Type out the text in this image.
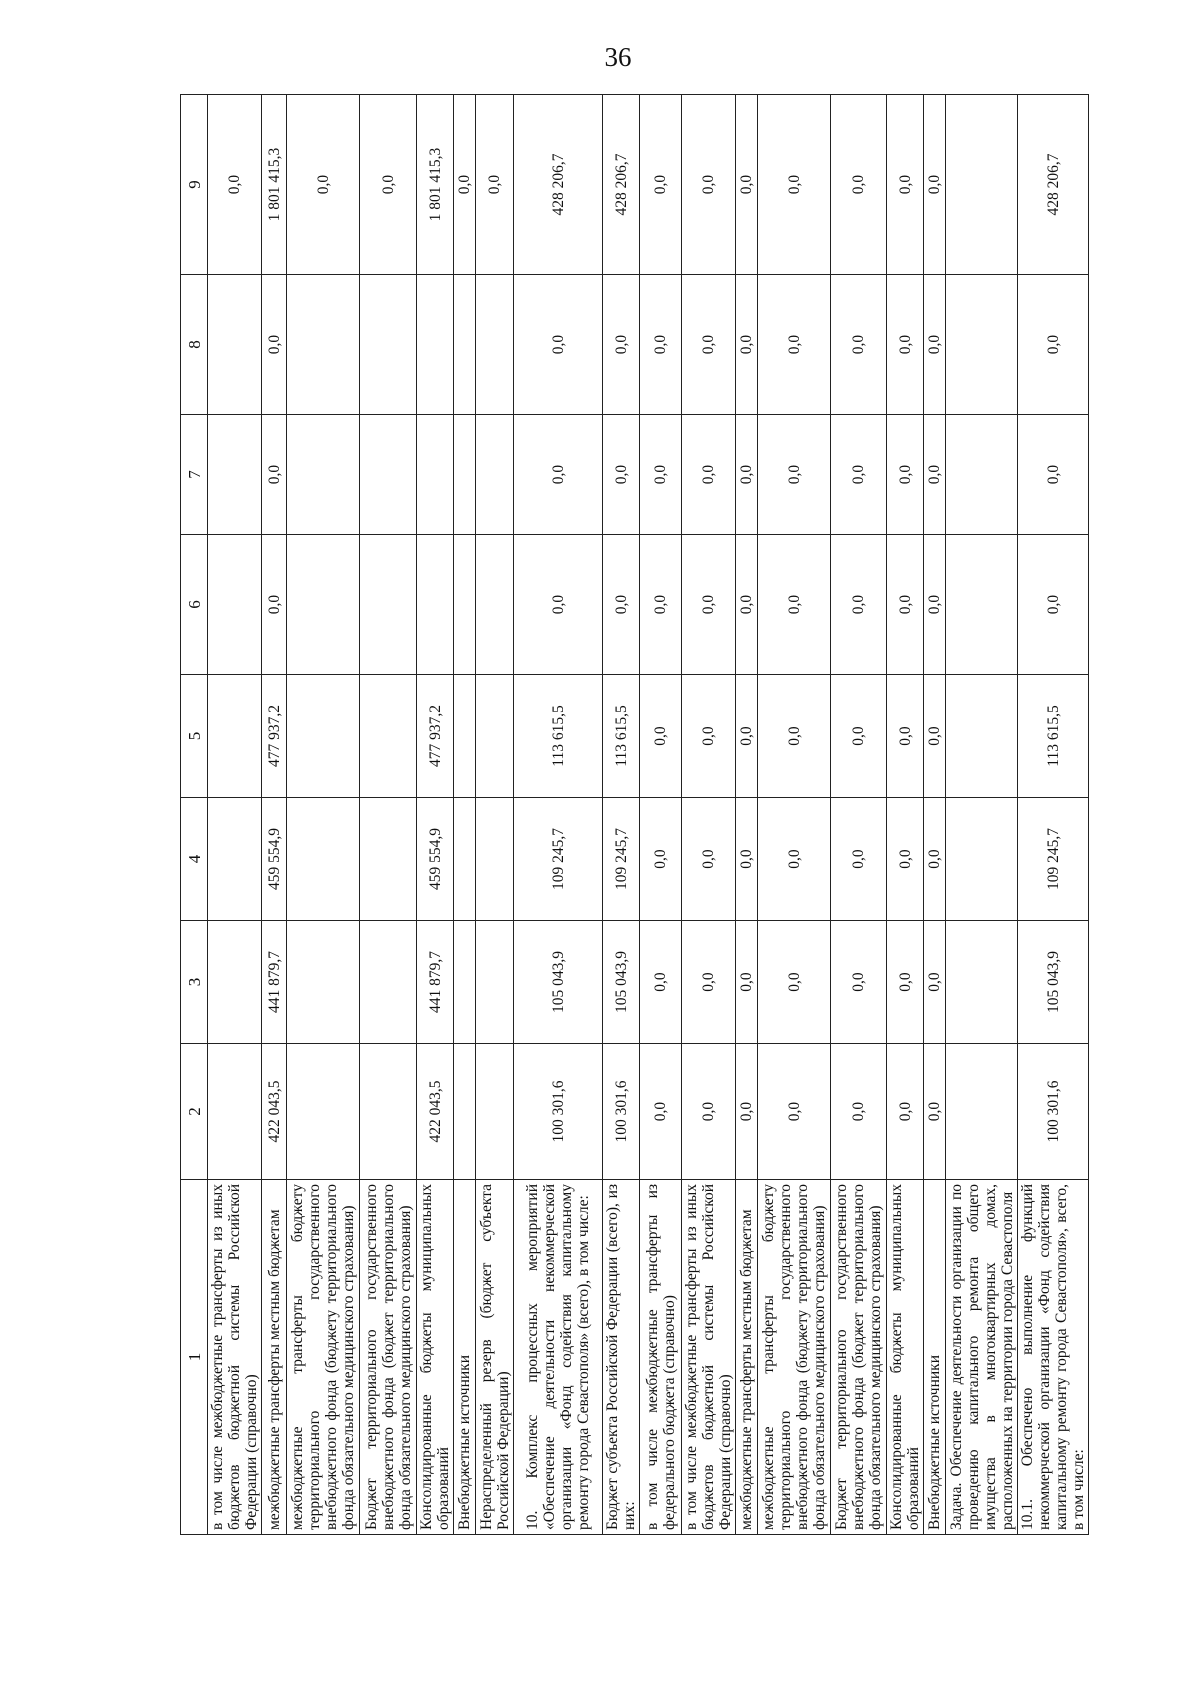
36
1	2	3	4	5	6	7	8	9
в том числе межбюджетные трансферты из иных бюджетов бюджетной системы Российской Федерации (справочно)								0,0
межбюджетные трансферты местным бюджетам	422 043,5	441 879,7	459 554,9	477 937,2	0,0	0,0	0,0	1 801 415,3
межбюджетные трансферты бюджету территориального государственного внебюджетного фонда (бюджету территориального фонда обязательного медицинского страхования)								0,0
Бюджет территориального государственного внебюджетного фонда (бюджет территориального фонда обязательного медицинского страхования)								0,0
Консолидированные бюджеты муниципальных образований	422 043,5	441 879,7	459 554,9	477 937,2				1 801 415,3
Внебюджетные источники								0,0
Нераспределенный резерв (бюджет субъекта Российской Федерации)								0,0
10. Комплекс процессных мероприятий «Обеспечение деятельности некоммерческой организации «Фонд содействия капитальному ремонту города Севастополя» (всего), в том числе:	100 301,6	105 043,9	109 245,7	113 615,5	0,0	0,0	0,0	428 206,7
Бюджет субъекта Российской Федерации (всего), из них:	100 301,6	105 043,9	109 245,7	113 615,5	0,0	0,0	0,0	428 206,7
в том числе межбюджетные трансферты из федерального бюджета (справочно)	0,0	0,0	0,0	0,0	0,0	0,0	0,0	0,0
в том числе межбюджетные трансферты из иных бюджетов бюджетной системы Российской Федерации (справочно)	0,0	0,0	0,0	0,0	0,0	0,0	0,0	0,0
межбюджетные трансферты местным бюджетам	0,0	0,0	0,0	0,0	0,0	0,0	0,0	0,0
межбюджетные трансферты бюджету территориального государственного внебюджетного фонда (бюджету территориального фонда обязательного медицинского страхования)	0,0	0,0	0,0	0,0	0,0	0,0	0,0	0,0
Бюджет территориального государственного внебюджетного фонда (бюджет территориального фонда обязательного медицинского страхования)	0,0	0,0	0,0	0,0	0,0	0,0	0,0	0,0
Консолидированные бюджеты муниципальных образований	0,0	0,0	0,0	0,0	0,0	0,0	0,0	0,0
Внебюджетные источники	0,0	0,0	0,0	0,0	0,0	0,0	0,0	0,0
Задача. Обеспечение деятельности организации по проведению капитального ремонта общего имущества в многоквартирных домах, расположенных на территории города Севастополя								
10.1. Обеспечено выполнение функций некоммерческой организации «Фонд содействия капитальному ремонту города Севастополя», всего, в том числе:	100 301,6	105 043,9	109 245,7	113 615,5	0,0	0,0	0,0	428 206,7
